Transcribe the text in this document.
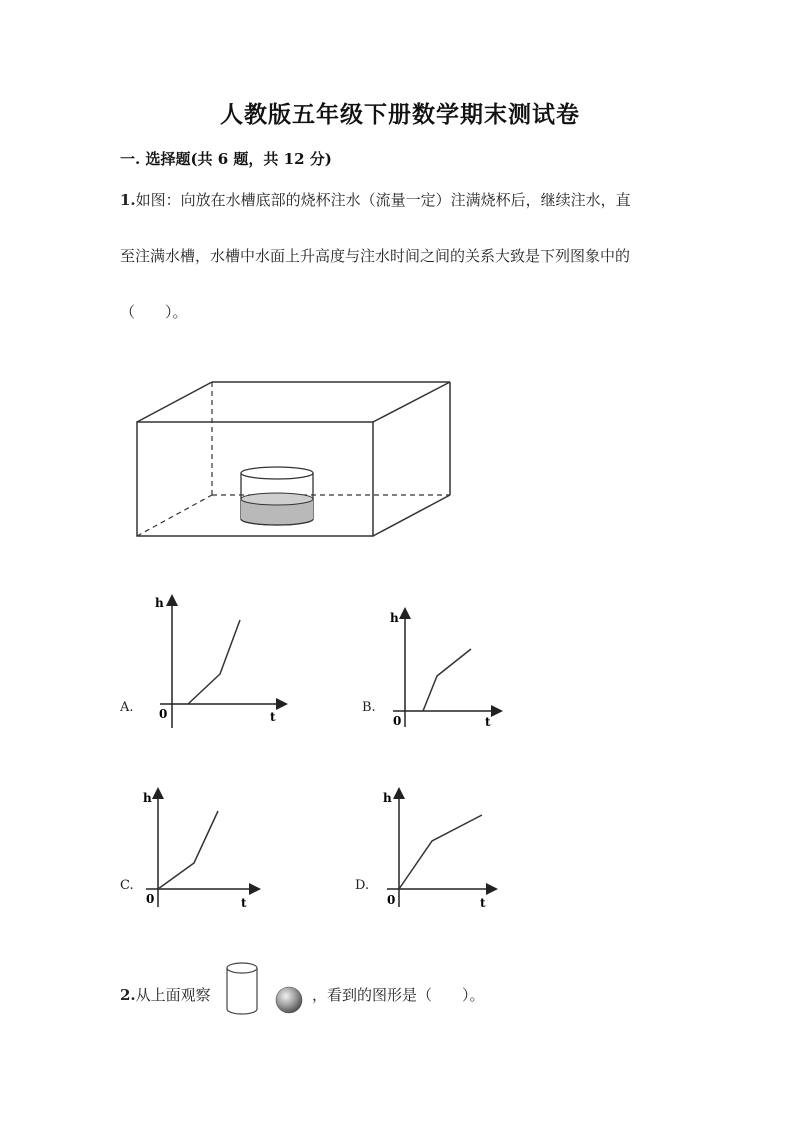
人教版五年级下册数学期末测试卷
一. 选择题(共 6 题，共 12 分)
1.如图：向放在水槽底部的烧杯注水（流量一定）注满烧杯后，继续注水，直
至注满水槽，水槽中水面上升高度与注水时间之间的关系大致是下列图象中的
（　　）。
A.
h
t
0	B.
h
t
0
C.
h
t
0
D.
h
t
0
2.从上面观察	，看到的图形是（　　）。
